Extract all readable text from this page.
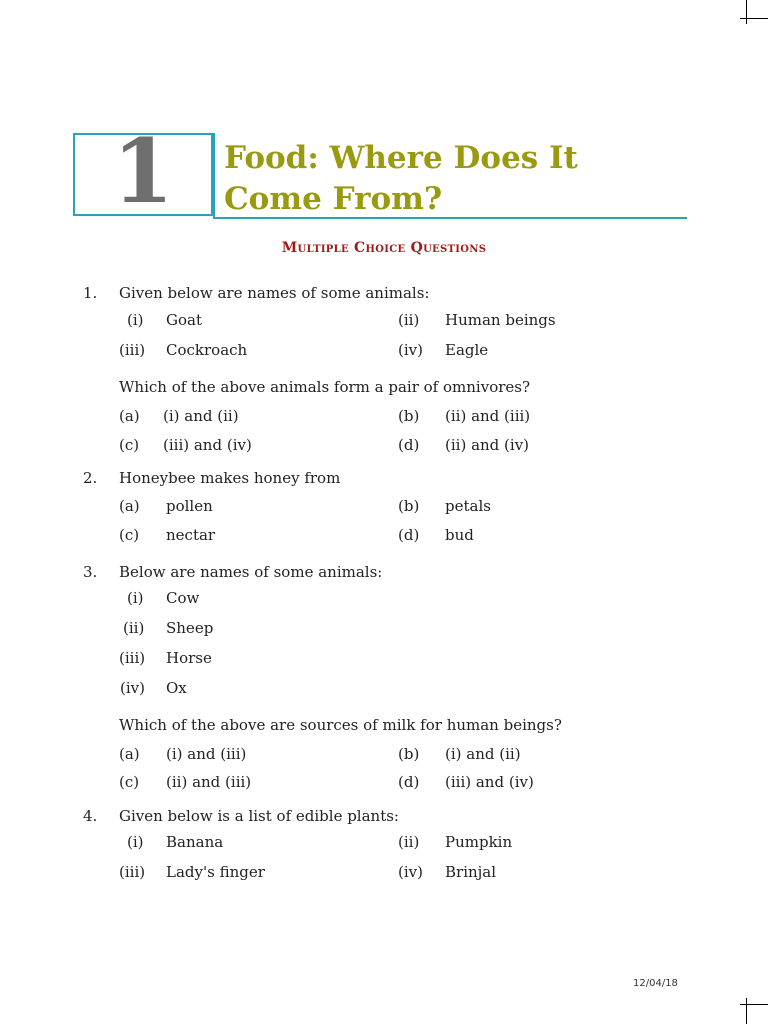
1	Food: Where Does It
Come From?
Multiple Choice Questions
1. Given below are names of some animals:
(i) Goat	(ii) Human beings
(iii) Cockroach	(iv) Eagle
Which of the above animals form a pair of omnivores?
(a) (i) and (ii)	(b) (ii) and (iii)
(c) (iii) and (iv)	(d) (ii) and (iv)
2. Honeybee makes honey from
(a) pollen	(b) petals
(c) nectar	(d) bud
3. Below are names of some animals:
(i) Cow
(ii) Sheep
(iii) Horse
(iv) Ox
Which of the above are sources of milk for human beings?
(a) (i) and (iii)	(b) (i) and (ii)
(c) (ii) and (iii)	(d) (iii) and (iv)
4. Given below is a list of edible plants:
(i) Banana	(ii) Pumpkin
(iii) Lady's finger	(iv) Brinjal
12/04/18
